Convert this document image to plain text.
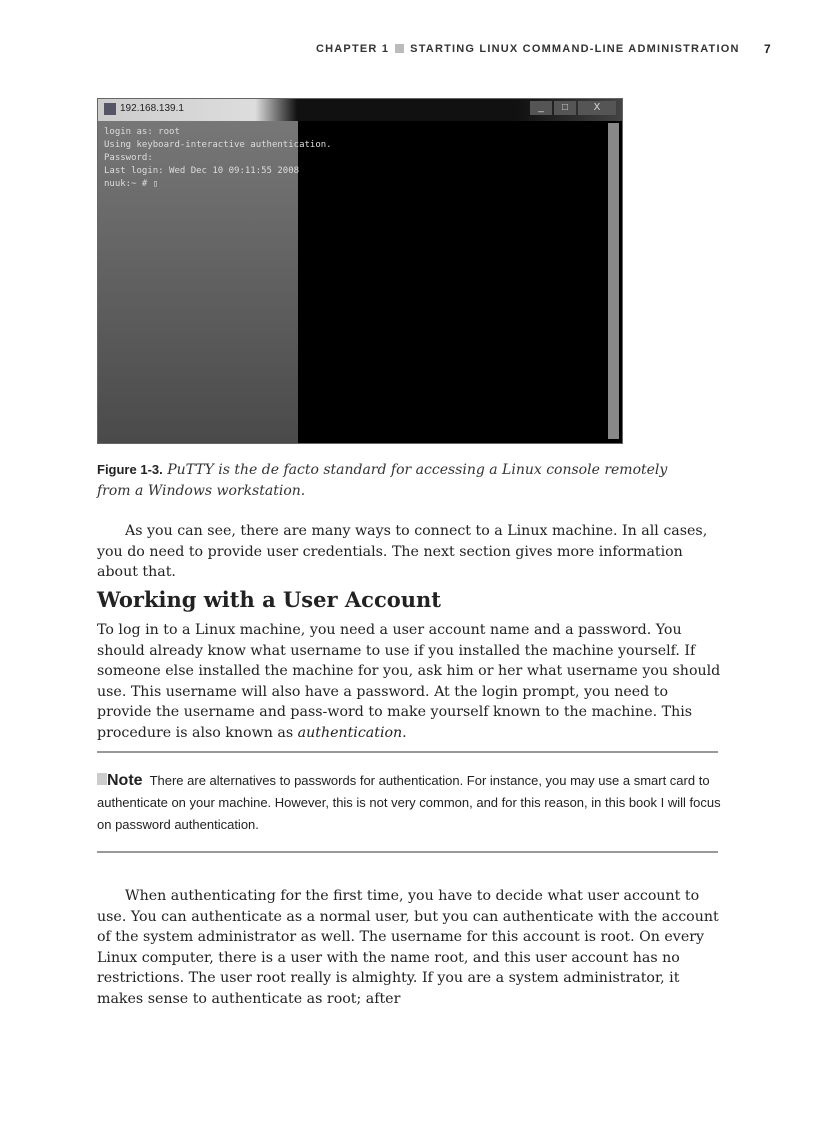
CHAPTER 1 STARTING LINUX COMMAND-LINE ADMINISTRATION 7
192.168.139.1	_	□	X
login as: root
Using keyboard-interactive authentication.
Password:
Last login: Wed Dec 10 09:11:55 2008
nuuk:~ # ▯
Figure 1-3. PuTTY is the de facto standard for accessing a Linux console remotely from a Windows workstation.

As you can see, there are many ways to connect to a Linux machine. In all cases, you do need to provide user credentials. The next section gives more information about that.

Working with a User Account

To log in to a Linux machine, you need a user account name and a password. You should already know what username to use if you installed the machine yourself. If someone else installed the machine for you, ask him or her what username you should use. This username will also have a password. At the login prompt, you need to provide the username and pass-word to make yourself known to the machine. This procedure is also known as authentication.

Note There are alternatives to passwords for authentication. For instance, you may use a smart card to authenticate on your machine. However, this is not very common, and for this reason, in this book I will focus on password authentication.

When authenticating for the first time, you have to decide what user account to use. You can authenticate as a normal user, but you can authenticate with the account of the system administrator as well. The username for this account is root. On every Linux computer, there is a user with the name root, and this user account has no restrictions. The user root really is almighty. If you are a system administrator, it makes sense to authenticate as root; after
